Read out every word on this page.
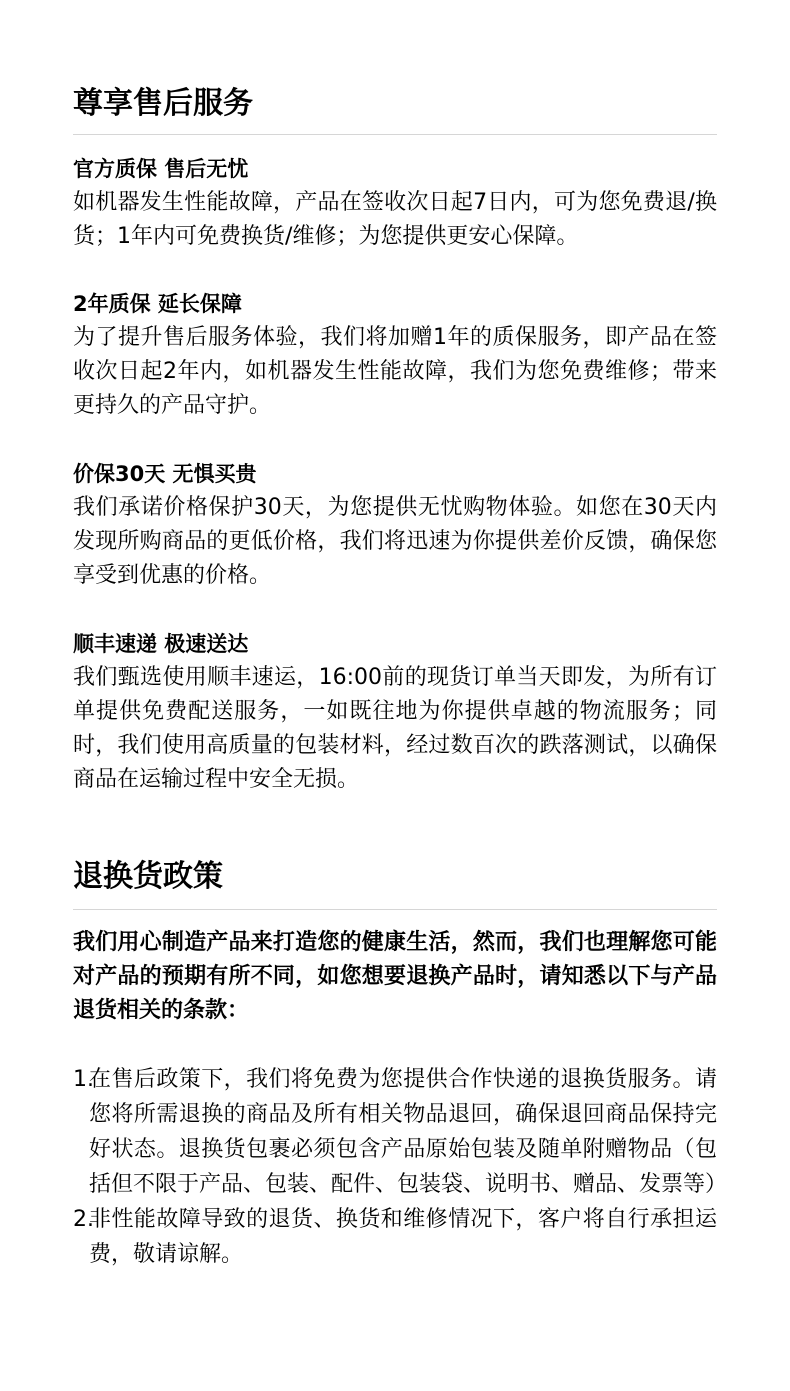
尊享售后服务
官方质保 售后无忧

如机器发生性能故障，产品在签收次日起7日内，可为您免费退/换货；1年内可免费换货/维修；为您提供更安心保障。

2年质保 延长保障

为了提升售后服务体验，我们将加赠1年的质保服务，即产品在签收次日起2年内，如机器发生性能故障，我们为您免费维修；带来更持久的产品守护。

价保30天 无惧买贵

我们承诺价格保护30天，为您提供无忧购物体验。如您在30天内发现所购商品的更低价格，我们将迅速为你提供差价反馈，确保您享受到优惠的价格。

顺丰速递 极速送达

我们甄选使用顺丰速运，16:00前的现货订单当天即发，为所有订单提供免费配送服务，一如既往地为你提供卓越的物流服务；同时，我们使用高质量的包装材料，经过数百次的跌落测试，以确保商品在运输过程中安全无损。

退换货政策

我们用心制造产品来打造您的健康生活，然而，我们也理解您可能对产品的预期有所不同，如您想要退换产品时，请知悉以下与产品退货相关的条款：

1.
在售后政策下，我们将免费为您提供合作快递的退换货服务。请您将所需退换的商品及所有相关物品退回，确保退回商品保持完好状态。退换货包裹必须包含产品原始包装及随单附赠物品（包括但不限于产品、包装、配件、包装袋、说明书、赠品、发票等）
2.
非性能故障导致的退货、换货和维修情况下，客户将自行承担运费，敬请谅解。
